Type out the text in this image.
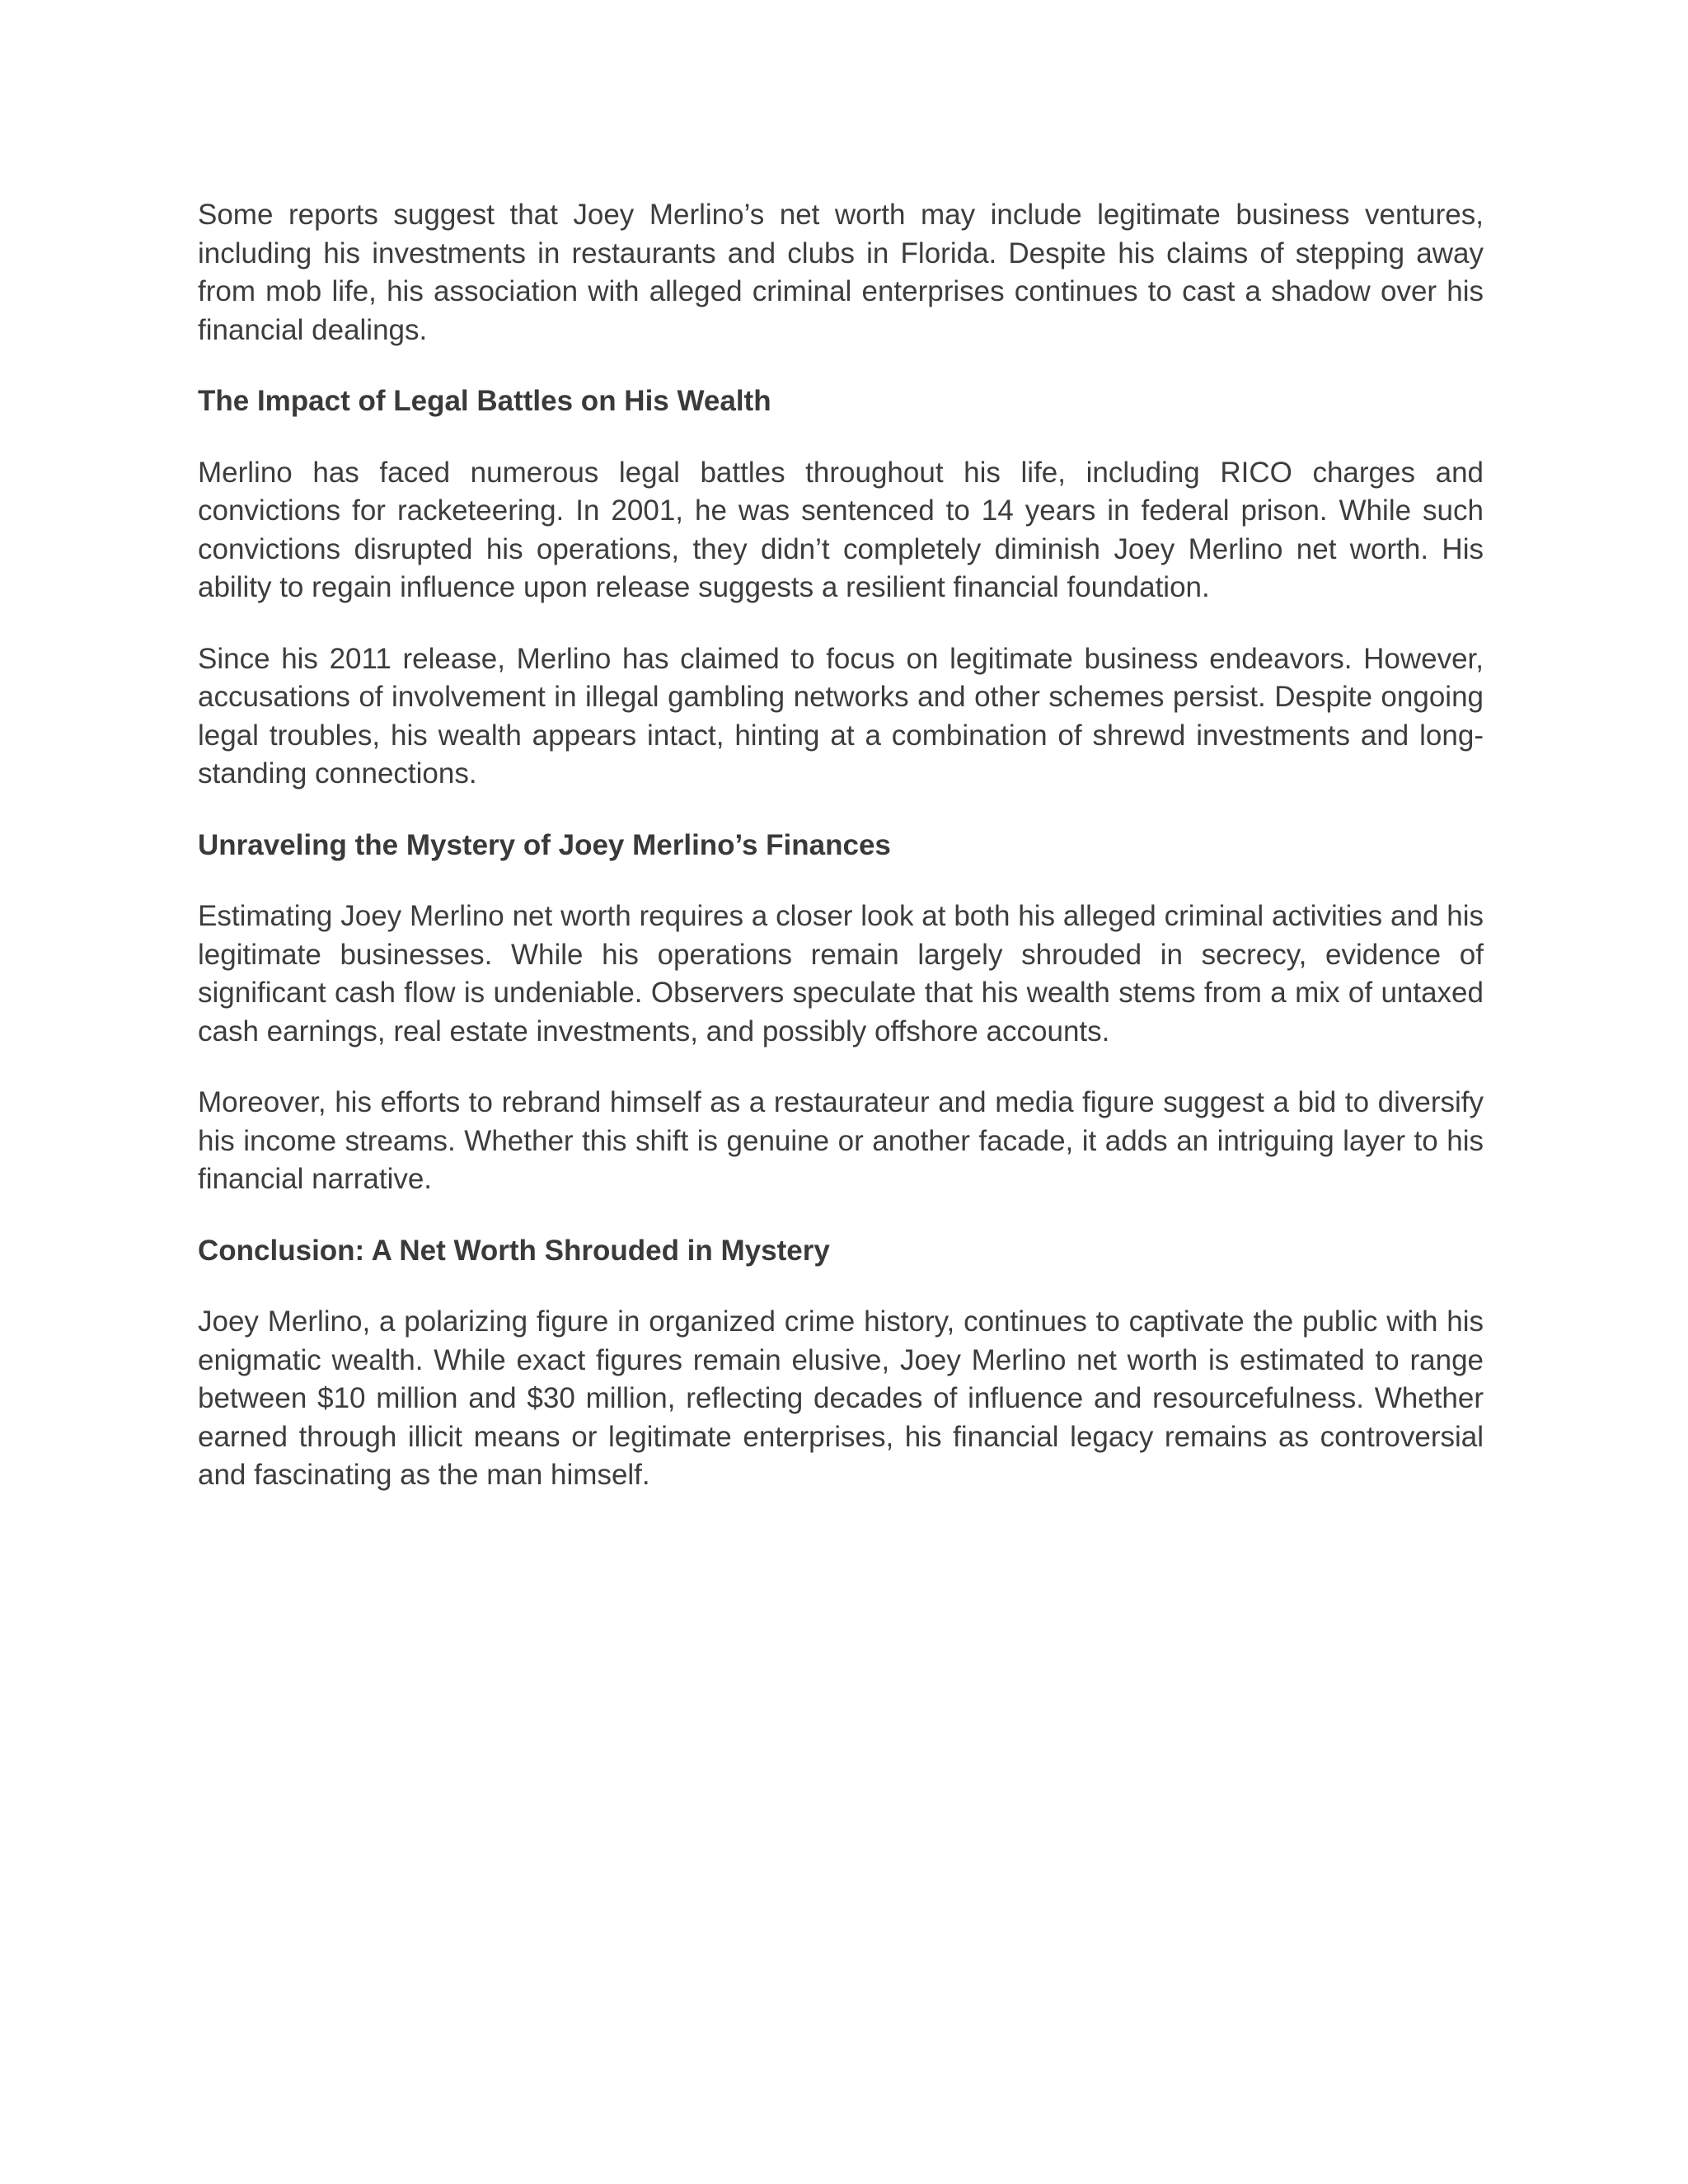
Some reports suggest that Joey Merlino’s net worth may include legitimate business ventures, including his investments in restaurants and clubs in Florida. Despite his claims of stepping away from mob life, his association with alleged criminal enterprises continues to cast a shadow over his financial dealings.

The Impact of Legal Battles on His Wealth

Merlino has faced numerous legal battles throughout his life, including RICO charges and convictions for racketeering. In 2001, he was sentenced to 14 years in federal prison. While such convictions disrupted his operations, they didn’t completely diminish Joey Merlino net worth. His ability to regain influence upon release suggests a resilient financial foundation.

Since his 2011 release, Merlino has claimed to focus on legitimate business endeavors. However, accusations of involvement in illegal gambling networks and other schemes persist. Despite ongoing legal troubles, his wealth appears intact, hinting at a combination of shrewd investments and long-standing connections.

Unraveling the Mystery of Joey Merlino’s Finances

Estimating Joey Merlino net worth requires a closer look at both his alleged criminal activities and his legitimate businesses. While his operations remain largely shrouded in secrecy, evidence of significant cash flow is undeniable. Observers speculate that his wealth stems from a mix of untaxed cash earnings, real estate investments, and possibly offshore accounts.

Moreover, his efforts to rebrand himself as a restaurateur and media figure suggest a bid to diversify his income streams. Whether this shift is genuine or another facade, it adds an intriguing layer to his financial narrative.

Conclusion: A Net Worth Shrouded in Mystery

Joey Merlino, a polarizing figure in organized crime history, continues to captivate the public with his enigmatic wealth. While exact figures remain elusive, Joey Merlino net worth is estimated to range between $10 million and $30 million, reflecting decades of influence and resourcefulness. Whether earned through illicit means or legitimate enterprises, his financial legacy remains as controversial and fascinating as the man himself.
